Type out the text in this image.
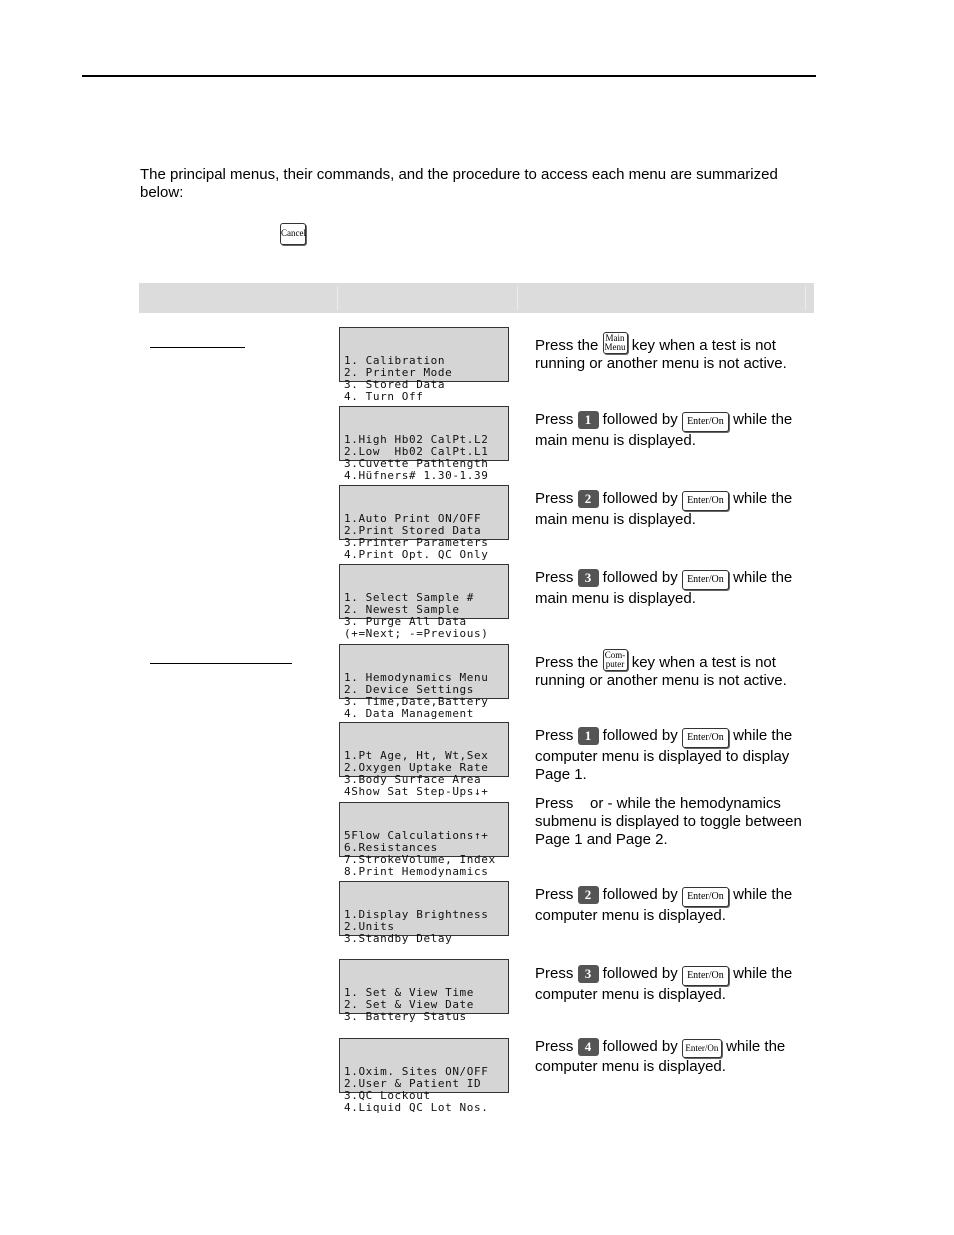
The principal menus, their commands, and the procedure to access each menu are summarized below:

Cancel

1. Calibration
2. Printer Mode
3. Stored Data
4. Turn Off

Press the Main
Menu key when a test is not running or another menu is not active.

1.High Hb02 CalPt.L2
2.Low  Hb02 CalPt.L1
3.Cuvette Pathlength
4.Hüfners# 1.30-1.39

Press 1 followed by Enter/On while the main menu is displayed.

1.Auto Print ON/OFF
2.Print Stored Data
3.Printer Parameters
4.Print Opt. QC Only

Press 2 followed by Enter/On while the main menu is displayed.

1. Select Sample #
2. Newest Sample
3. Purge All Data
(+=Next; -=Previous)

Press 3 followed by Enter/On while the main menu is displayed.

1. Hemodynamics Menu
2. Device Settings
3. Time,Date,Battery
4. Data Management

Press the Com-
puter key when a test is not running or another menu is not active.

1.Pt Age, Ht, Wt,Sex
2.Oxygen Uptake Rate
3.Body Surface Area
4Show Sat Step-Ups↓+

Press 1 followed by Enter/On while the computer menu is displayed to display Page 1.

5Flow Calculations↑+
6.Resistances
7.StrokeVolume, Index
8.Print Hemodynamics

Press    or - while the hemodynamics submenu is displayed to toggle between Page 1 and Page 2.

1.Display Brightness
2.Units
3.Standby Delay

Press 2 followed by Enter/On while the computer menu is displayed.

1. Set & View Time
2. Set & View Date
3. Battery Status

Press 3 followed by Enter/On while the computer menu is displayed.

1.Oxim. Sites ON/OFF
2.User & Patient ID
3.QC Lockout
4.Liquid QC Lot Nos.

Press 4 followed by Enter/On while the computer menu is displayed.
